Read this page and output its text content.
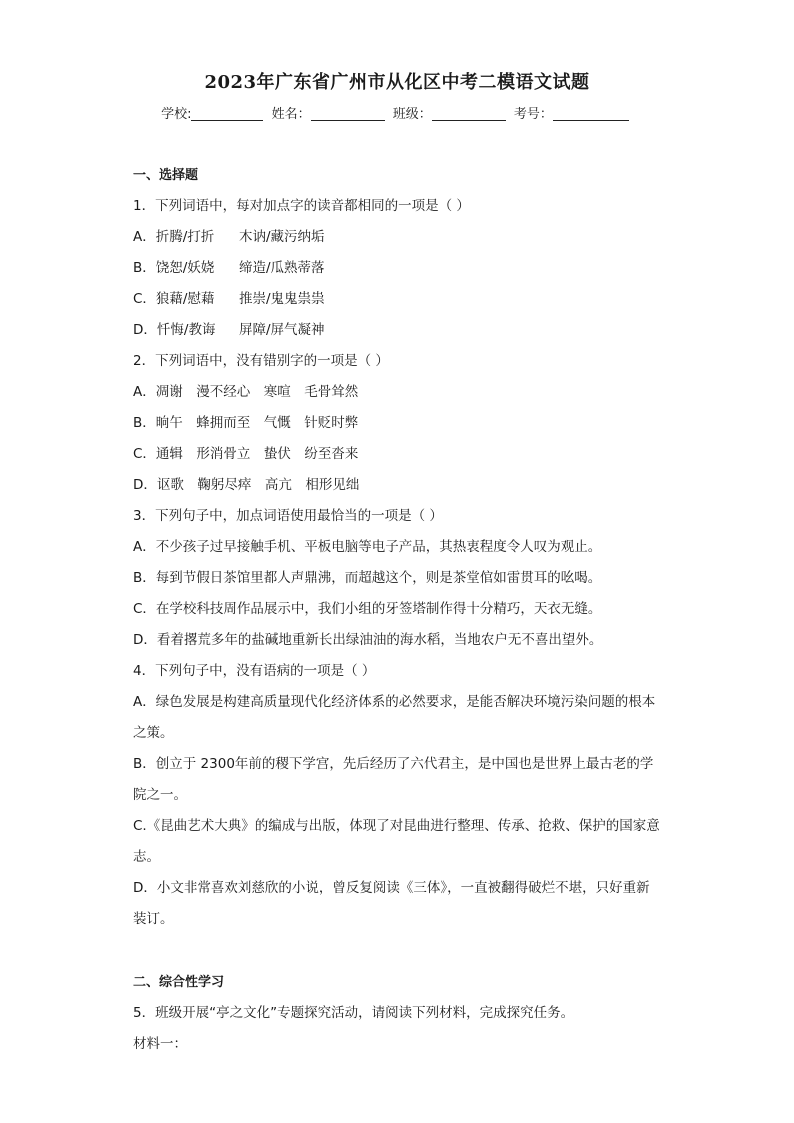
2023年广东省广州市从化区中考二模语文试题
学校:	姓名：	班级：	考号：

一、选择题

1．下列词语中，每对加点字的读音都相同的一项是（ ）

A．折腾/打折 木讷/藏污纳垢

B．饶恕/妖娆 缔造/瓜熟蒂落

C．狼藉/慰藉 推崇/鬼鬼祟祟

D．忏悔/教诲 屏障/屏气凝神

2．下列词语中，没有错别字的一项是（ ）

A．凋谢　漫不经心　寒喧　毛骨耸然

B．晌午　蜂拥而至　气慨　针贬时弊

C．通辑　形消骨立　蛰伏　纷至沓来

D．讴歌　鞠躬尽瘁　高亢　相形见绌

3．下列句子中，加点词语使用最恰当的一项是（ ）

A．不少孩子过早接触手机、平板电脑等电子产品，其热衷程度令人叹为观止。

B．每到节假日茶馆里都人声鼎沸，而超越这个，则是茶堂倌如雷贯耳的吆喝。

C．在学校科技周作品展示中，我们小组的牙签塔制作得十分精巧，天衣无缝。

D．看着撂荒多年的盐碱地重新长出绿油油的海水稻，当地农户无不喜出望外。

4．下列句子中，没有语病的一项是（ ）

A．绿色发展是构建高质量现代化经济体系的必然要求，是能否解决环境污染问题的根本之策。

B．创立于 2300年前的稷下学宫，先后经历了六代君主，是中国也是世界上最古老的学院之一。

C.《昆曲艺术大典》的编成与出版，体现了对昆曲进行整理、传承、抢救、保护的国家意志。

D．小文非常喜欢刘慈欣的小说，曾反复阅读《三体》，一直被翻得破烂不堪，只好重新装订。

二、综合性学习

5．班级开展“亭之文化”专题探究活动，请阅读下列材料，完成探究任务。

材料一：
